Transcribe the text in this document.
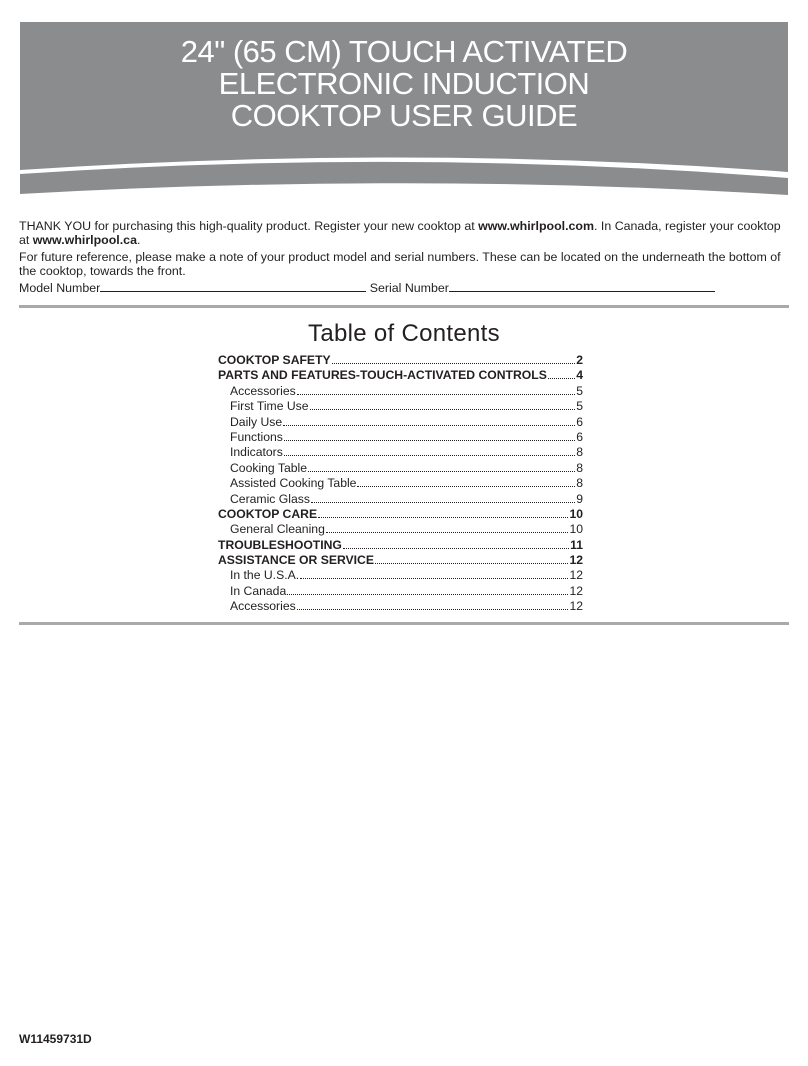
24" (65 CM) TOUCH ACTIVATED
ELECTRONIC INDUCTION
COOKTOP USER GUIDE

THANK YOU for purchasing this high-quality product. Register your new cooktop at www.whirlpool.com. In Canada, register your cooktop at www.whirlpool.ca.

For future reference, please make a note of your product model and serial numbers. These can be located on the underneath the bottom of the cooktop, towards the front.

Model Number	Serial Number
Table of Contents
COOKTOP SAFETY	2
PARTS AND FEATURES-TOUCH-ACTIVATED CONTROLS 4
Accessories	5
First Time Use	5
Daily Use	6
Functions	6
Indicators	8
Cooking Table	8
Assisted Cooking Table	8
Ceramic Glass	9
COOKTOP CARE	10
General Cleaning	10
TROUBLESHOOTING	11
ASSISTANCE OR SERVICE	12
In the U.S.A.	12
In Canada	12
Accessories	12
W11459731D
